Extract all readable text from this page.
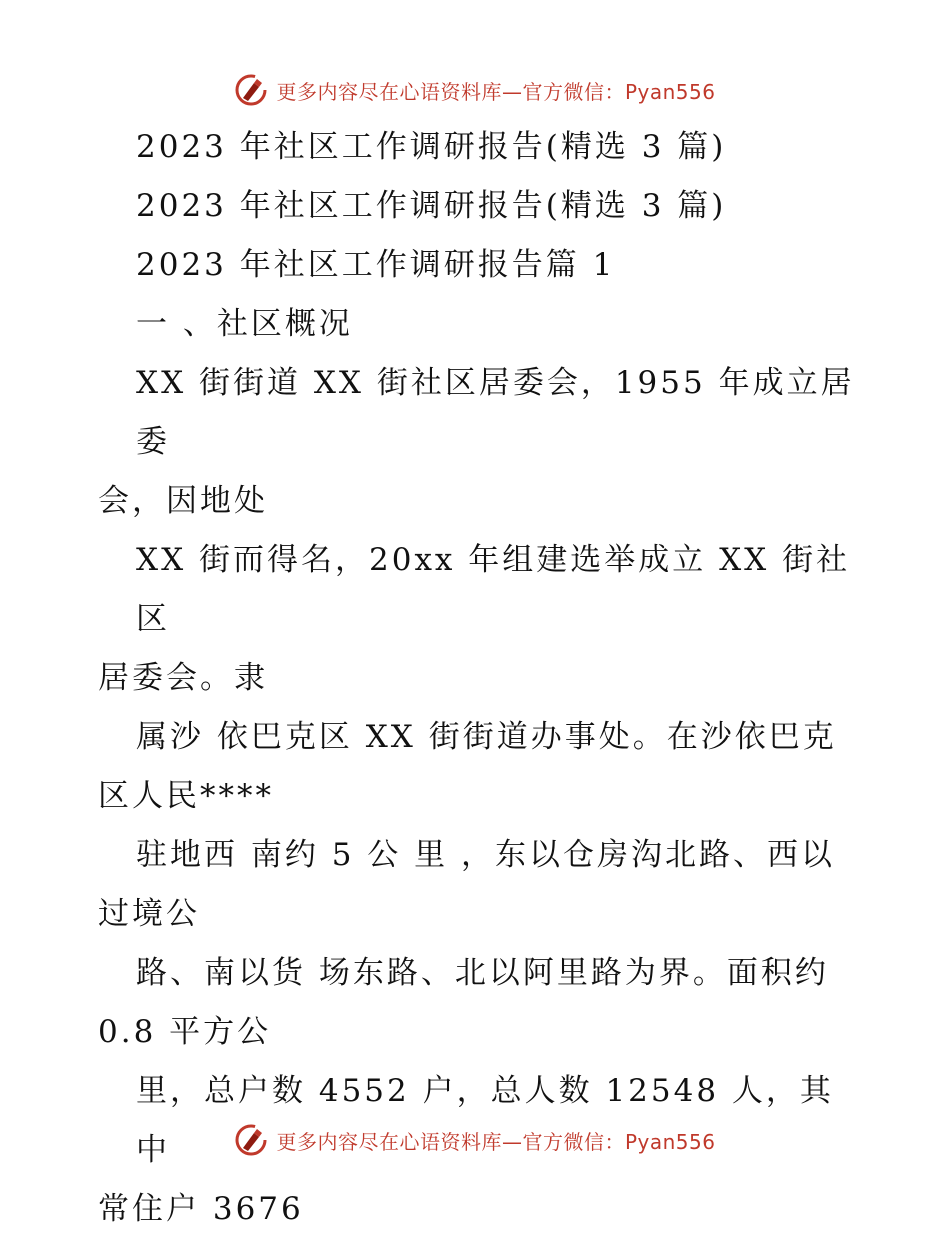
更多内容尽在心语资料库—官方微信：Pyan556

2023 年社区工作调研报告(精选 3 篇)

2023 年社区工作调研报告(精选 3 篇)

2023 年社区工作调研报告篇 1

一 、社区概况

XX 街街道 XX 街社区居委会，1955 年成立居委

会，因地处

XX 街而得名，20xx 年组建选举成立 XX 街社区

居委会。隶

属沙 依巴克区 XX 街街道办事处。在沙依巴克

区人民****

驻地西 南约 5 公 里 ，东以仓房沟北路、西以

过境公

路、南以货 场东路、北以阿里路为界。面积约

0.8 平方公

里，总户数 4552 户，总人数 12548 人，其中

常住户 3676

更多内容尽在心语资料库—官方微信：Pyan556
